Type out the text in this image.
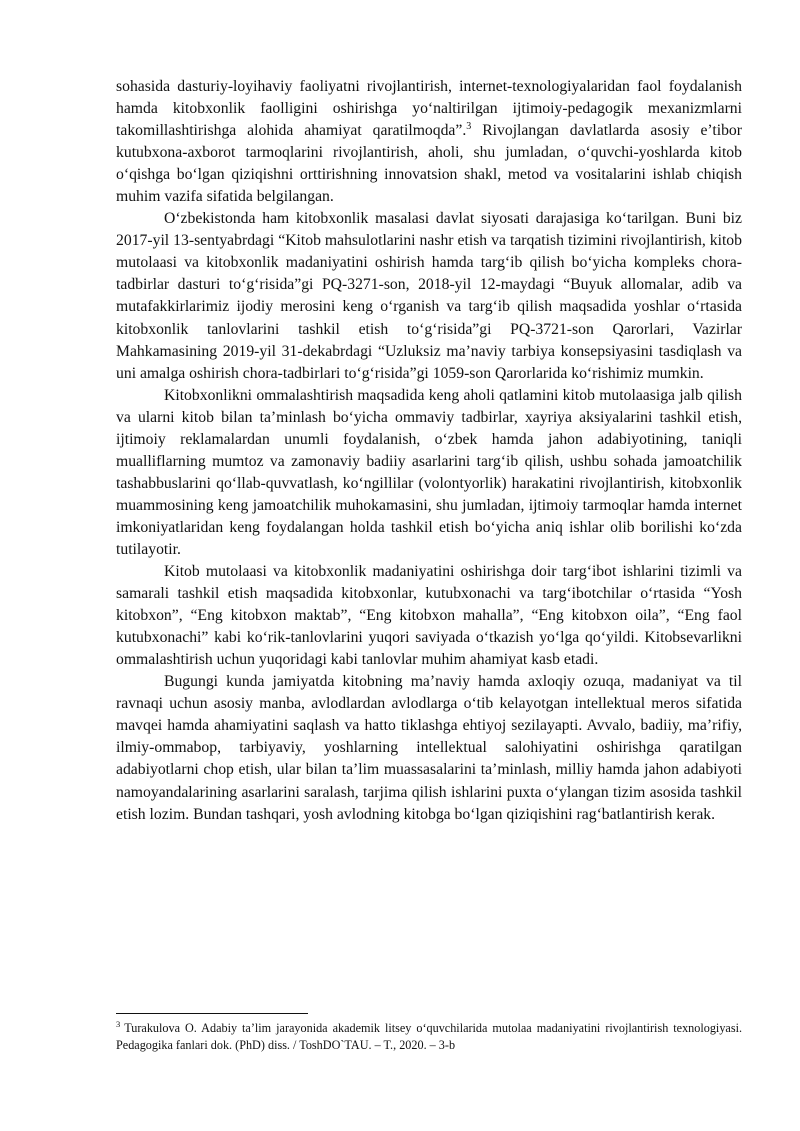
sohasida dasturiy-loyihaviy faoliyatni rivojlantirish, internet-texnologiyalaridan faol foydalanish hamda kitobxonlik faolligini oshirishga yo‘naltirilgan ijtimoiy-pedagogik mexanizmlarni takomillashtirishga alohida ahamiyat qaratilmoqda”.$^3$ Rivojlangan davlatlarda asosiy e’tibor kutubxona-axborot tarmoqlarini rivojlantirish, aholi, shu jumladan, o‘quvchi-yoshlarda kitob o‘qishga bo‘lgan qiziqishni orttirishning innovatsion shakl, metod va vositalarini ishlab chiqish muhim vazifa sifatida belgilangan.

O‘zbekistonda ham kitobxonlik masalasi davlat siyosati darajasiga ko‘tarilgan. Buni biz 2017-yil 13-sentyabrdagi “Kitob mahsulotlarini nashr etish va tarqatish tizimini rivojlantirish, kitob mutolaasi va kitobxonlik madaniyatini oshirish hamda targ‘ib qilish bo‘yicha kompleks chora-tadbirlar dasturi to‘g‘risida”gi PQ-3271-son, 2018-yil 12-maydagi “Buyuk allomalar, adib va mutafakkirlarimiz ijodiy merosini keng o‘rganish va targ‘ib qilish maqsadida yoshlar o‘rtasida kitobxonlik tanlovlarini tashkil etish to‘g‘risida”gi PQ-3721-son Qarorlari, Vazirlar Mahkamasining 2019-yil 31-dekabrdagi “Uzluksiz ma’naviy tarbiya konsepsiyasini tasdiqlash va uni amalga oshirish chora-tadbirlari to‘g‘risida”gi 1059-son Qarorlarida ko‘rishimiz mumkin.

Kitobxonlikni ommalashtirish maqsadida keng aholi qatlamini kitob mutolaasiga jalb qilish va ularni kitob bilan ta’minlash bo‘yicha ommaviy tadbirlar, xayriya aksiyalarini tashkil etish, ijtimoiy reklamalardan unumli foydalanish, o‘zbek hamda jahon adabiyotining, taniqli mualliflarning mumtoz va zamonaviy badiiy asarlarini targ‘ib qilish, ushbu sohada jamoatchilik tashabbuslarini qo‘llab-quvvatlash, ko‘ngillilar (volontyorlik) harakatini rivojlantirish, kitobxonlik muammosining keng jamoatchilik muhokamasini, shu jumladan, ijtimoiy tarmoqlar hamda internet imkoniyatlaridan keng foydalangan holda tashkil etish bo‘yicha aniq ishlar olib borilishi ko‘zda tutilayotir.

Kitob mutolaasi va kitobxonlik madaniyatini oshirishga doir targ‘ibot ishlarini tizimli va samarali tashkil etish maqsadida kitobxonlar, kutubxonachi va targ‘ibotchilar o‘rtasida “Yosh kitobxon”, “Eng kitobxon maktab”, “Eng kitobxon mahalla”, “Eng kitobxon oila”, “Eng faol kutubxonachi” kabi ko‘rik-tanlovlarini yuqori saviyada o‘tkazish yo‘lga qo‘yildi. Kitobsevarlikni ommalashtirish uchun yuqoridagi kabi tanlovlar muhim ahamiyat kasb etadi.

Bugungi kunda jamiyatda kitobning ma’naviy hamda axloqiy ozuqa, madaniyat va til ravnaqi uchun asosiy manba, avlodlardan avlodlarga o‘tib kelayotgan intellektual meros sifatida mavqei hamda ahamiyatini saqlash va hatto tiklashga ehtiyoj sezilayapti. Avvalo, badiiy, ma’rifiy, ilmiy-ommabop, tarbiyaviy, yoshlarning intellektual salohiyatini oshirishga qaratilgan adabiyotlarni chop etish, ular bilan ta’lim muassasalarini ta’minlash, milliy hamda jahon adabiyoti namoyandalarining asarlarini saralash, tarjima qilish ishlarini puxta o‘ylangan tizim asosida tashkil etish lozim. Bundan tashqari, yosh avlodning kitobga bo‘lgan qiziqishini rag‘batlantirish kerak.

$^3$ Turakulova O. Adabiy ta’lim jarayonida akademik litsey o‘quvchilarida mutolaa madaniyatini rivojlantirish texnologiyasi. Pedagogika fanlari dok. (PhD) diss. / ToshDO`TAU. – T., 2020. – 3-b
